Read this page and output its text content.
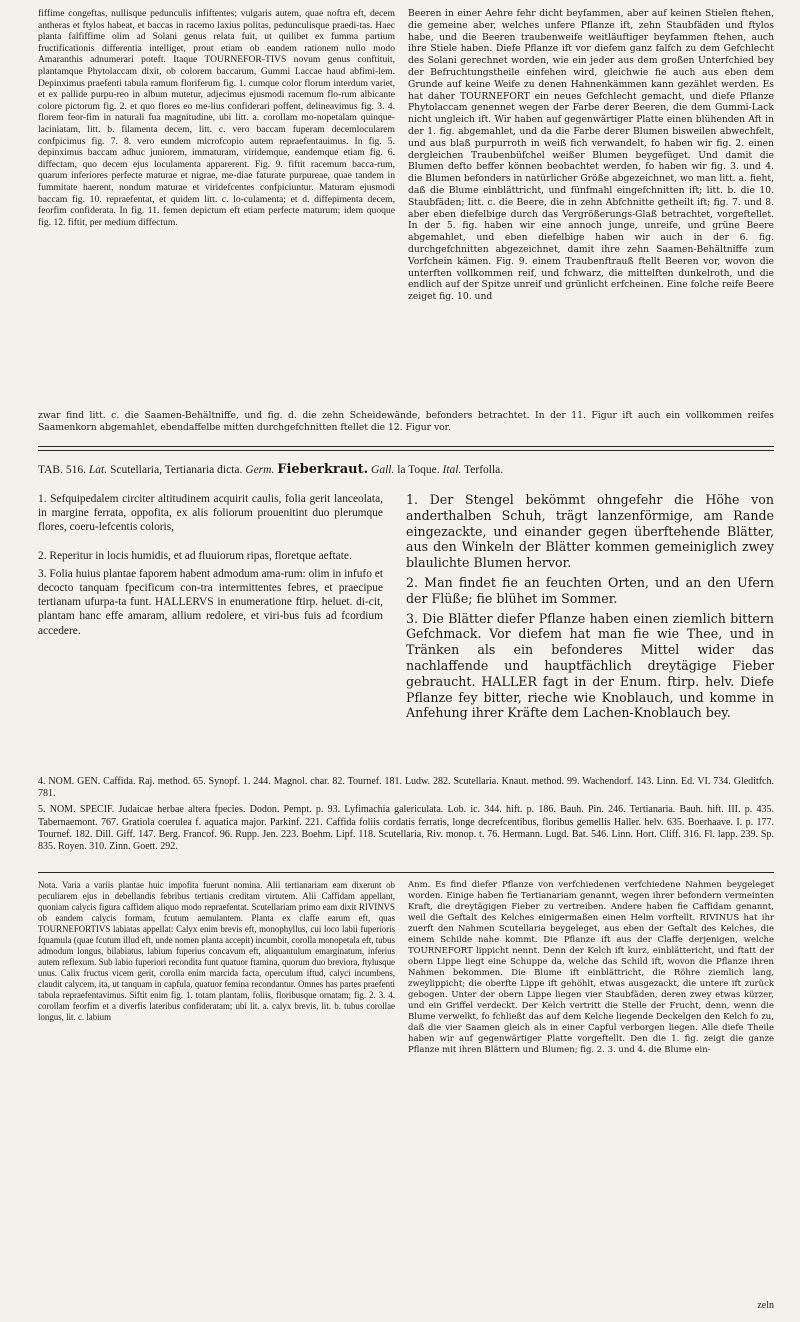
fiffime congeftas, nullisque pedunculis infiftentes; vulgaris autem, quae noftra eft, decem antheras et ftylos habeat, et baccas in racemo laxius politas, pedunculisque praedi-tas. Haec planta falfiffime olim ad Solani genus relata fuit, ut quilibet ex fumma partium fructificationis differentia intelliget, prout etiam ob eandem rationem nullo modo Amaranthis adnumerari poteft. Itaque TOURNEFOR-TIVS novum genus conftituit, plantamque Phytolaccam dixit, ob colorem baccarum, Gummi Laccae haud abfimi-lem. Depinximus praefenti tabula ramum floriferum fig. 1. cumque color florum interdum variet, et ex pallide purpu-reo in album mutetur, adjecimus ejusmodi racemum flo-rum albicante colore pictorum fig. 2. et quo flores eo me-lius confiderari poffent, delineavimus fig. 3. 4. florem feor-fim in naturali fua magnitudine, ubi litt. a. corollam mo-nopetalam quinque-laciniatam, litt. b. filamenta decem, litt. c. vero baccam fuperam decemlocularem confpicimus fig. 7. 8. vero eundem microfcopio autem repraefentauimus. In fig. 5. depinximus baccam adhuc juniorem, immaturam, viridemque, eandemque etiam fig. 6. diffectam, quo decem ejus loculamenta apparerent. Fig. 9. fiftit racemum bacca-rum, quarum inferiores perfecte maturae et nigrae, me-diae faturate purpureae, quae tandem in fummitate haerent, nondum maturae et viridefcentes confpiciuntur. Maturam ejusmodi baccam fig. 10. repraefentat, et quidem litt. c. lo-culamenta; et d. diffepimenta decem, feorfim confiderata. In fig. 11. femen depictum eft etiam perfecte maturum; idem quoque fig. 12. fiftit, per medium diffectum.

Beeren in einer Aehre fehr dicht beyfammen, aber auf keinen Stielen ftehen, die gemeine aber, welches unfere Pflanze ift, zehn Staubfäden und ftylos habe, und die Beeren traubenweife weitläuftiger beyfammen ftehen, auch ihre Stiele haben. Diefe Pflanze ift vor diefem ganz falfch zu dem Gefchlecht des Solani gerechnet worden, wie ein jeder aus dem großen Unterfchied bey der Befruchtungstheile einfehen wird, gleichwie fie auch aus eben dem Grunde auf keine Weife zu denen Hahnenkämmen kann gezählet werden. Es hat daher TOURNEFORT ein neues Gefchlecht gemacht, und diefe Pflanze Phytolaccam genennet wegen der Farbe derer Beeren, die dem Gummi-Lack nicht ungleich ift. Wir haben auf gegenwärtiger Platte einen blühenden Aft in der 1. fig. abgemahlet, und da die Farbe derer Blumen bisweilen abwechfelt, und aus blaß purpurroth in weiß fich verwandelt, fo haben wir fig. 2. einen dergleichen Traubenbüfchel weißer Blumen beygefüget. Und damit die Blumen defto beffer können beobachtet werden, fo haben wir fig. 3. und 4. die Blumen befonders in natürlicher Größe abgezeichnet, wo man litt. a. fieht, daß die Blume einblättricht, und fünfmahl eingefchnitten ift; litt. b. die 10. Staubfäden; litt. c. die Beere, die in zehn Abfchnitte getheilt ift; fig. 7. und 8. aber eben diefelbige durch das Vergrößerungs-Glaß betrachtet, vorgeftellet. In der 5. fig. haben wir eine annoch junge, unreife, und grüne Beere abgemahlet, und eben diefelbige haben wir auch in der 6. fig. durchgefchnitten abgezeichnet, damit ihre zehn Saamen-Behältniffe zum Vorfchein kämen. Fig. 9. einem Traubenftrauß ftellt Beeren vor, wovon die unterften vollkommen reif, und fchwarz, die mittelften dunkelroth, und die endlich auf der Spitze unreif und grünlicht erfcheinen. Eine folche reife Beere zeiget fig. 10. und

zwar find litt. c. die Saamen-Behältniffe, und fig. d. die zehn Scheidewände, befonders betrachtet. In der 11. Figur ift auch ein vollkommen reifes Saamenkorn abgemahlet, ebendaffelbe mitten durchgefchnitten ftellet die 12. Figur vor.

TAB. 516. Lat. Scutellaria, Tertianaria dicta. Germ. Fieberkraut. Gall. la Toque. Ital. Terfolla.

1. Sefquipedalem circiter altitudinem acquirit caulis, folia gerit lanceolata, in margine ferrata, oppofita, ex alis foliorum prouenitint duo plerumque flores, coeru-lefcentis coloris,

2. Reperitur in locis humidis, et ad fluuiorum ripas, floretque aeftate.

3. Folia huius plantae faporem habent admodum ama-rum: olim in infufo et decocto tanquam fpecificum con-tra intermittentes febres, et praecipue tertianam ufurpa-ta funt. HALLERVS in enumeratione ftirp. heluet. di-cit, plantam hanc effe amaram, allium redolere, et viri-bus fuis ad fcordium accedere.

1. Der Stengel bekömmt ohngefehr die Höhe von anderthalben Schuh, trägt lanzenförmige, am Rande eingezackte, und einander gegen überftehende Blätter, aus den Winkeln der Blätter kommen gemeiniglich zwey blaulichte Blumen hervor.

2. Man findet fie an feuchten Orten, und an den Ufern der Flüße; fie blühet im Sommer.

3. Die Blätter diefer Pflanze haben einen ziemlich bittern Gefchmack. Vor diefem hat man fie wie Thee, und in Tränken als ein befonderes Mittel wider das nachlaffende und hauptfächlich dreytägige Fieber gebraucht. HALLER fagt in der Enum. ftirp. helv. Diefe Pflanze fey bitter, rieche wie Knoblauch, und komme in Anfehung ihrer Kräfte dem Lachen-Knoblauch bey.

4. NOM. GEN. Caffida. Raj. method. 65. Synopf. 1. 244. Magnol. char. 82. Tournef. 181. Ludw. 282. Scutellaria. Knaut. method. 99. Wachendorf. 143. Linn. Ed. VI. 734. Gleditfch. 781.

5. NOM. SPECIF. Judaicae herbae altera fpecies. Dodon. Pempt. p. 93. Lyfimachia galericulata. Lob. ic. 344. hift. p. 186. Bauh. Pin. 246. Tertianaria. Bauh. hift. III. p. 435. Tabernaemont. 767. Gratiola coerulea f. aquatica major. Parkinf. 221. Caffida foliis cordatis ferratis, longe decrefcentibus, floribus gemellis Haller. helv. 635. Boerhaave. I. p. 177. Tournef. 182. Dill. Giff. 147. Berg. Francof. 96. Rupp. Jen. 223. Boehm. Lipf. 118. Scutellaria, Riv. monop. t. 76. Hermann. Lugd. Bat. 546. Linn. Hort. Cliff. 316. Fl. lapp. 239. Sp. 835. Royen. 310. Zinn. Goett. 292.

Nota. Varia a variis plantae huic impofita fuerunt nomina. Alii tertianariam eam dixerunt ob peculiarem ejus in debellandis febribus tertianis creditam virtutem. Alii Caffidam appellant, quoniam calycis figura caffidem aliquo modo repraefentat. Scutellariam primo eam dixit RIVINVS ob eandem calycis formam, fcutum aemulantem. Planta ex claffe earum eft, quas TOURNEFORTIVS labiatas appellat: Calyx enim brevis eft, monophyllus, cui loco labii fuperioris fquamula (quae fcutum illud eft, unde nomen planta accepit) incumbit, corolla monopetala eft, tubus admodum longus, bilabiatus, labium fuperius concavum eft, aliquantulum emarginatum, inferius autem reflexum. Sub labio fuperiori recondita funt quatuor ftamina, quorum duo breviora, ftylusque unus. Calix fructus vicem gerit, corolla enim marcida facta, operculum iftud, calyci incumbens, claudit calycem, ita, ut tanquam in capfula, quatuor femina recondantur. Omnes has partes praefenti tabula repraefentavimus. Siftit enim fig. 1. totam plantam, foliis, floribusque ornatam; fig. 2. 3. 4. corollam feorfim et a diverfis lateribus confideratam; ubi lit. a. calyx brevis, lit. b. tubus corollae longus, lit. c. labium

Anm. Es find diefer Pflanze von verfchiedenen verfchiedene Nahmen beygeleget worden. Einige haben fie Tertianariam genannt, wegen ihrer befondern vermeinten Kraft, die dreytägigen Fieber zu vertreiben. Andere haben fie Caffidam genannt, weil die Geftalt des Kelches einigermaßen einen Helm vorftellt. RIVINUS hat ihr zuerft den Nahmen Scutellaria beygeleget, aus eben der Geftalt des Kelches, die einem Schilde nahe kommt. Die Pflanze ift aus der Claffe derjenigen, welche TOURNEFORT lippicht nennt. Denn der Kelch ift kurz, einblättericht, und ftatt der obern Lippe liegt eine Schuppe da, welche das Schild ift, wovon die Pflanze ihren Nahmen bekommen. Die Blume ift einblättricht, die Röhre ziemlich lang, zweylippicht; die oberfte Lippe ift gehöhlt, etwas ausgezackt, die untere ift zurück gebogen. Unter der obern Lippe liegen vier Staubfäden, deren zwey etwas kürzer, und ein Griffel verdeckt. Der Kelch vertritt die Stelle der Frucht, denn, wenn die Blume verwelkt, fo fchließt das auf dem Kelche liegende Deckelgen den Kelch fo zu, daß die vier Saamen gleich als in einer Capful verborgen liegen. Alle diefe Theile haben wir auf gegenwärtiger Platte vorgeftellt. Den die 1. fig. zeigt die ganze Pflanze mit ihren Blättern und Blumen; fig. 2. 3. und 4. die Blume ein-

zeln
